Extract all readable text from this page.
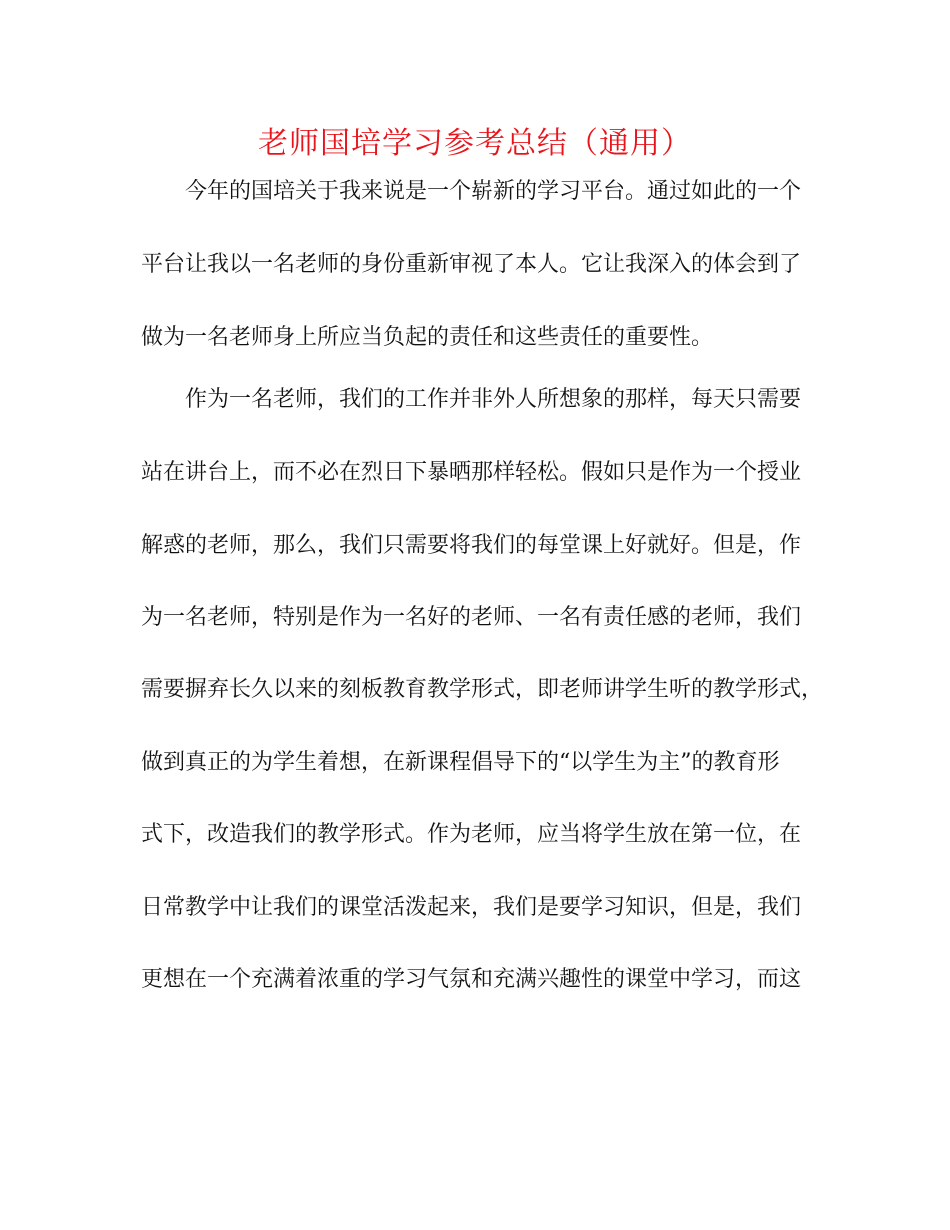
老师国培学习参考总结（通用）
今年的国培关于我来说是一个崭新的学习平台。通过如此的一个
平台让我以一名老师的身份重新审视了本人。它让我深入的体会到了
做为一名老师身上所应当负起的责任和这些责任的重要性。
作为一名老师，我们的工作并非外人所想象的那样，每天只需要
站在讲台上，而不必在烈日下暴晒那样轻松。假如只是作为一个授业
解惑的老师，那么，我们只需要将我们的每堂课上好就好。但是，作
为一名老师，特别是作为一名好的老师、一名有责任感的老师，我们
需要摒弃长久以来的刻板教育教学形式，即老师讲学生听的教学形式，
做到真正的为学生着想，在新课程倡导下的“以学生为主”的教育形
式下，改造我们的教学形式。作为老师，应当将学生放在第一位，在
日常教学中让我们的课堂活泼起来，我们是要学习知识，但是，我们
更想在一个充满着浓重的学习气氛和充满兴趣性的课堂中学习，而这
